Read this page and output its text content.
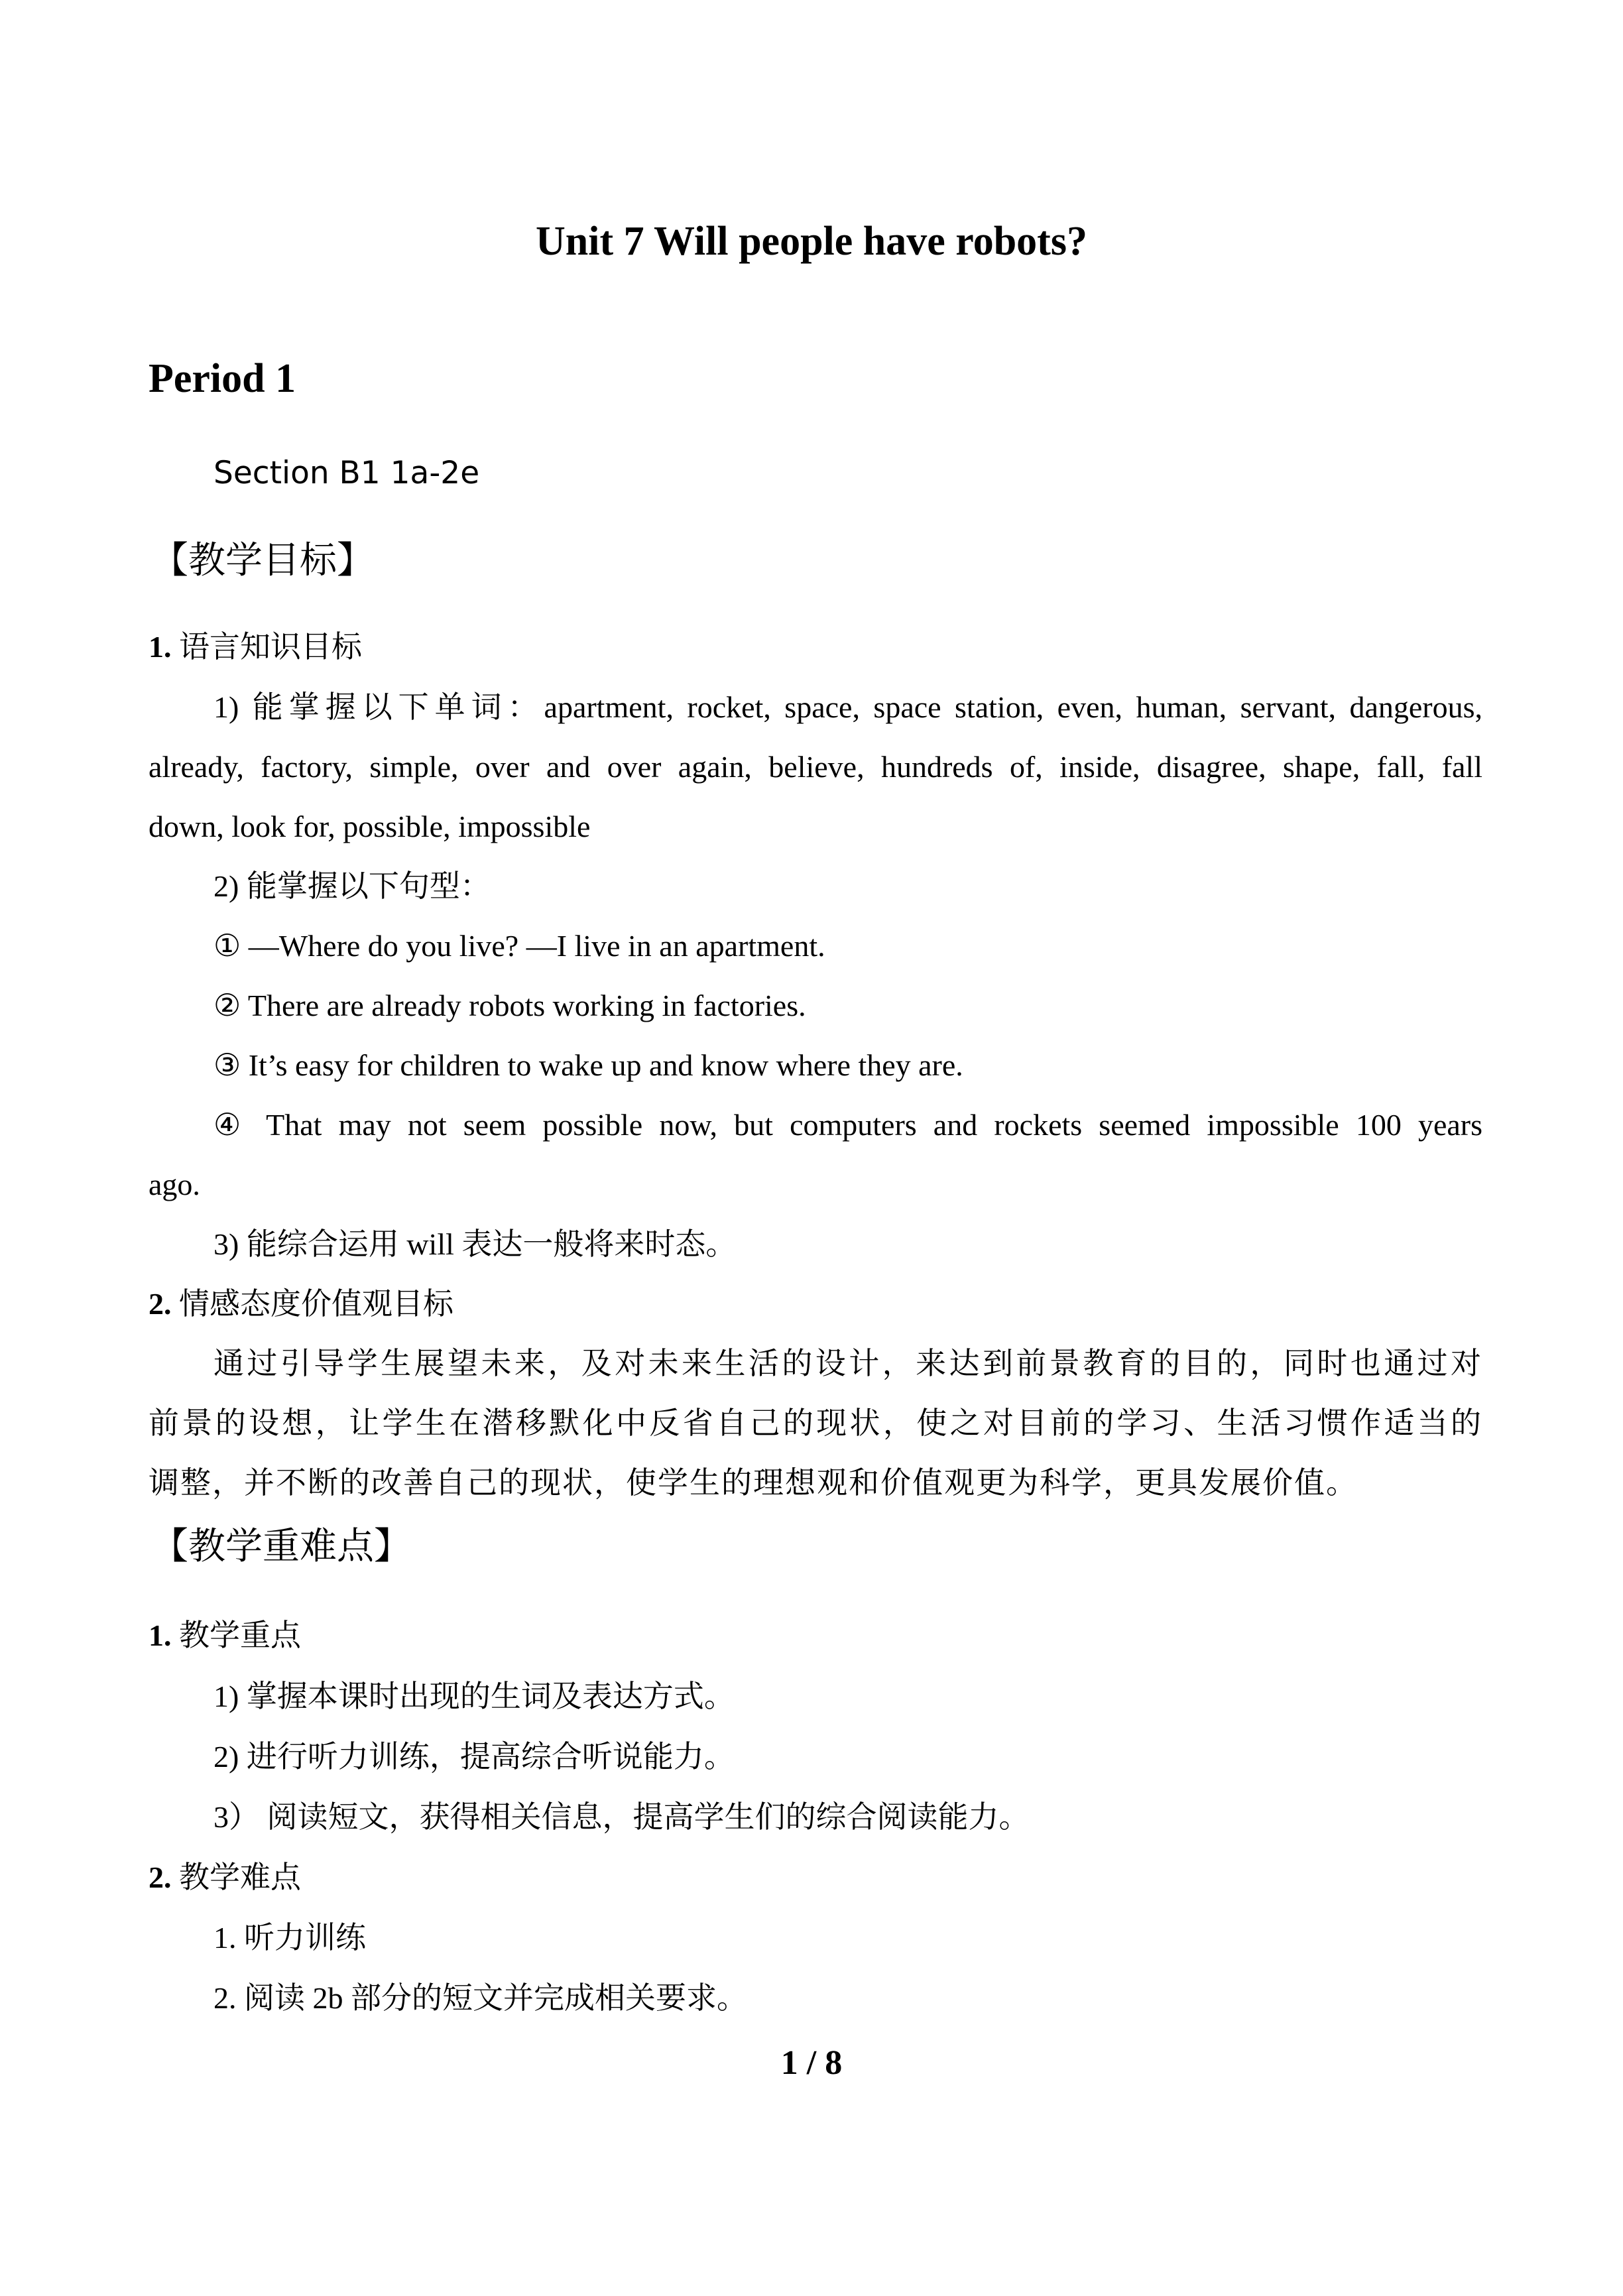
Unit 7 Will people have robots?
Period 1
Section B1 1a-2e
【教学目标】
1. 语言知识目标
1) 能掌握以下单词：apartment, rocket, space, space station, even, human, servant, dangerous,
already, factory, simple, over and over again, believe, hundreds of, inside, disagree, shape, fall, fall
down, look for, possible, impossible
2) 能掌握以下句型：
① —Where do you live? —I live in an apartment.
② There are already robots working in factories.
③ It’s easy for children to wake up and know where they are.
④ That may not seem possible now, but computers and rockets seemed impossible 100 years
ago.
3) 能综合运用 will 表达一般将来时态。
2. 情感态度价值观目标
通过引导学生展望未来，及对未来生活的设计，来达到前景教育的目的，同时也通过对
前景的设想，让学生在潜移默化中反省自己的现状，使之对目前的学习、生活习惯作适当的
调整，并不断的改善自己的现状，使学生的理想观和价值观更为科学，更具发展价值。
【教学重难点】
1. 教学重点
1) 掌握本课时出现的生词及表达方式。
2) 进行听力训练，提高综合听说能力。
3） 阅读短文，获得相关信息，提高学生们的综合阅读能力。
2. 教学难点
1. 听力训练
2. 阅读 2b 部分的短文并完成相关要求。
1 / 8
